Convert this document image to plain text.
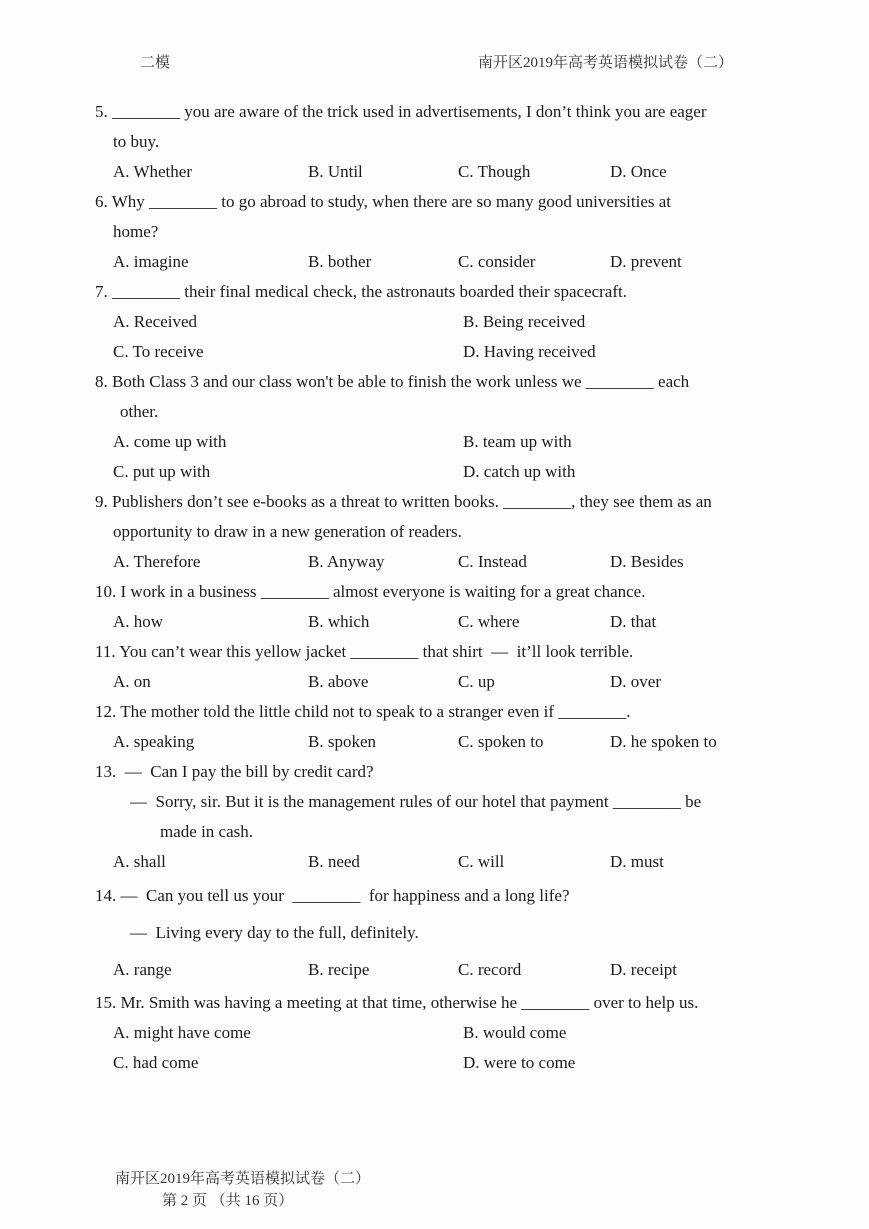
二模	南开区2019年高考英语模拟试卷（二）
5. ________ you are aware of the trick used in advertisements, I don’t think you are eager
to buy.
A. Whether	B. Until	C. Though	D. Once
6. Why ________ to go abroad to study, when there are so many good universities at
home?
A. imagine	B. bother	C. consider	D. prevent
7. ________ their final medical check, the astronauts boarded their spacecraft.
A. Received	B. Being received
C. To receive	D. Having received
8. Both Class 3 and our class won't be able to finish the work unless we ________ each
other.
A. come up with	B. team up with
C. put up with	D. catch up with
9. Publishers don’t see e-books as a threat to written books. ________, they see them as an
opportunity to draw in a new generation of readers.
A. Therefore	B. Anyway	C. Instead	D. Besides
10. I work in a business ________ almost everyone is waiting for a great chance.
A. how	B. which	C. where	D. that
11. You can’t wear this yellow jacket ________ that shirt  —  it’ll look terrible.
A. on	B. above	C. up	D. over
12. The mother told the little child not to speak to a stranger even if ________.
A. speaking	B. spoken	C. spoken to	D. he spoken to
13.  —  Can I pay the bill by credit card?
—  Sorry, sir. But it is the management rules of our hotel that payment ________ be
made in cash.
A. shall	B. need	C. will	D. must
14. —  Can you tell us your  ________  for happiness and a long life?
—  Living every day to the full, definitely.
A. range	B. recipe	C. record	D. receipt
15. Mr. Smith was having a meeting at that time, otherwise he ________ over to help us.
A. might have come	B. would come
C. had come	D. were to come

南开区2019年高考英语模拟试卷（二）
第 2 页 （共 16 页）
